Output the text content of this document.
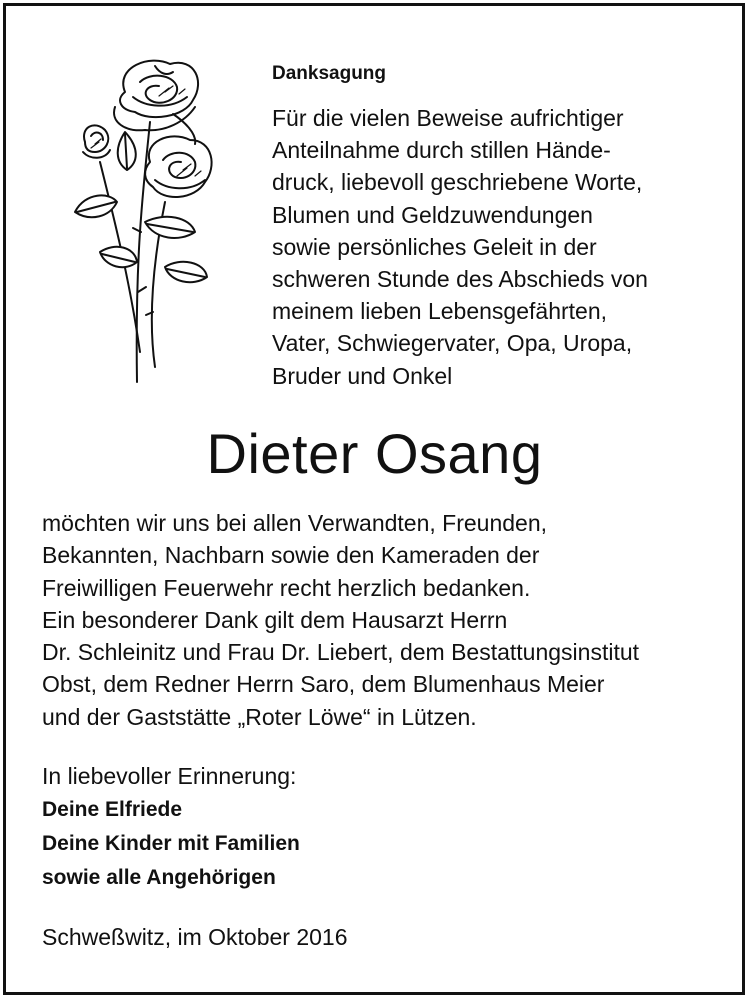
Danksagung
Für die vielen Beweise aufrichtiger
Anteilnahme durch stillen Hände-
druck, liebevoll geschriebene Worte,
Blumen und Geldzuwendungen
sowie persönliches Geleit in der
schweren Stunde des Abschieds von
meinem lieben Lebensgefährten,
Vater, Schwiegervater, Opa, Uropa,
Bruder und Onkel
Dieter Osang
möchten wir uns bei allen Verwandten, Freunden,
Bekannten, Nachbarn sowie den Kameraden der
Freiwilligen Feuerwehr recht herzlich bedanken.
Ein besonderer Dank gilt dem Hausarzt Herrn
Dr. Schleinitz und Frau Dr. Liebert, dem Bestattungsinstitut
Obst, dem Redner Herrn Saro, dem Blumenhaus Meier
und der Gaststätte „Roter Löwe“ in Lützen.
In liebevoller Erinnerung:
Deine Elfriede
Deine Kinder mit Familien
sowie alle Angehörigen
Schweßwitz, im Oktober 2016
